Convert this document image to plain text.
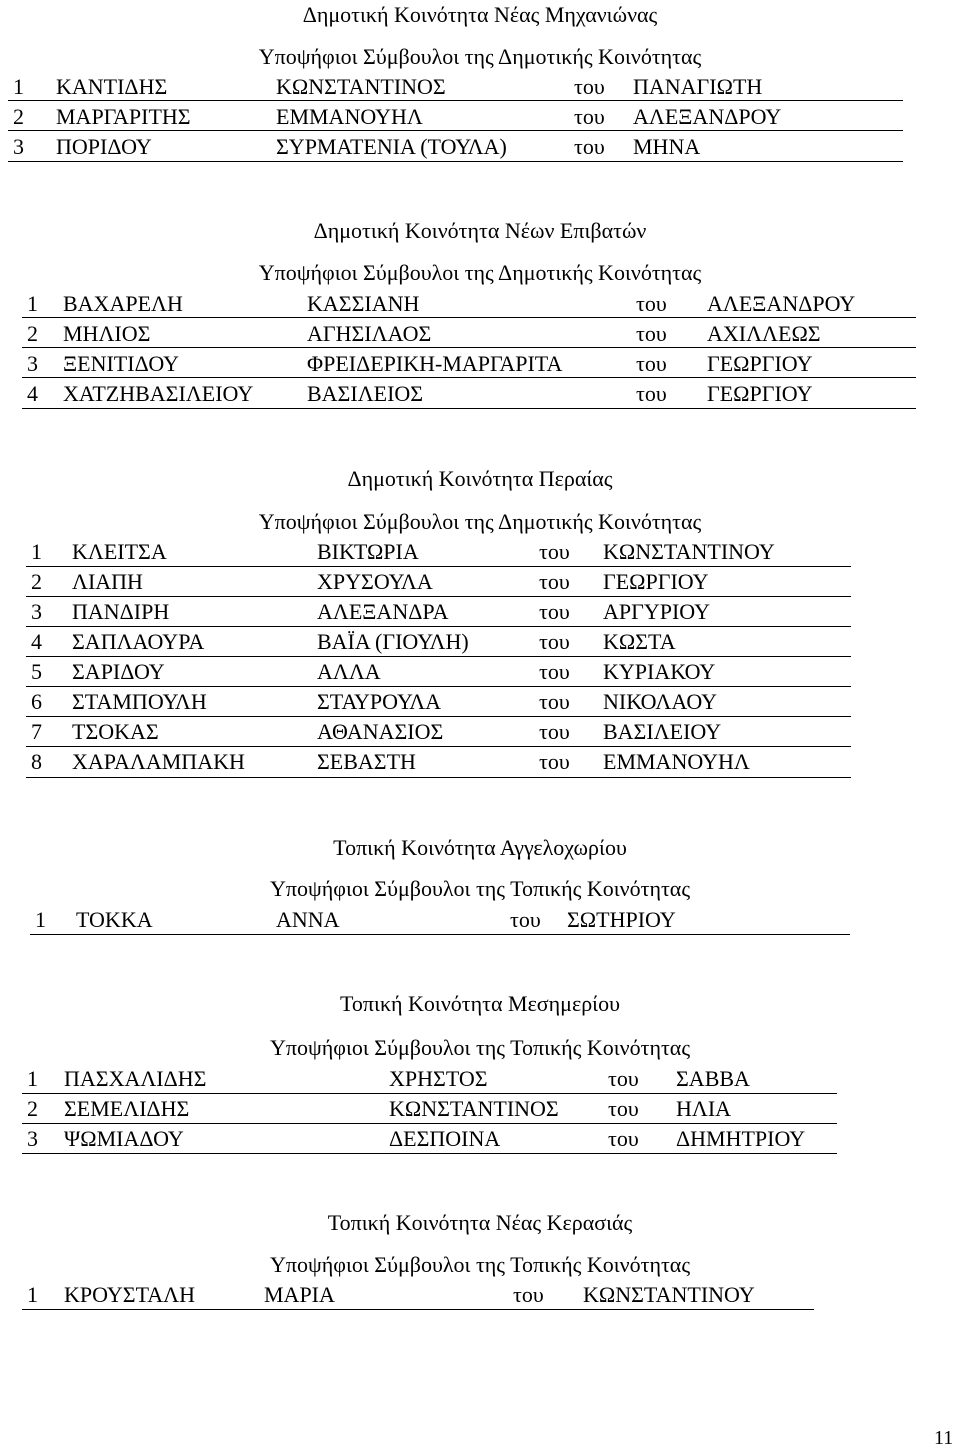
Δημοτική Κοινότητα Νέας Μηχανιώνας
Υποψήφιοι Σύμβουλοι της Δημοτικής Κοινότητας
1 ΚΑΝΤΙΔΗΣ	ΚΩΝΣΤΑΝΤΙΝΟΣ	του ΠΑΝΑΓΙΩΤΗ
2 ΜΑΡΓΑΡΙΤΗΣ	ΕΜΜΑΝΟΥΗΛ	του ΑΛΕΞΑΝΔΡΟΥ
3 ΠΟΡΙΔΟΥ	ΣΥΡΜΑΤΕΝΙΑ (ΤΟΥΛΑ)	του ΜΗΝΑ
Δημοτική Κοινότητα Νέων Επιβατών
Υποψήφιοι Σύμβουλοι της Δημοτικής Κοινότητας
1 ΒΑΧΑΡΕΛΗ	ΚΑΣΣΙΑΝΗ	του ΑΛΕΞΑΝΔΡΟΥ
2 ΜΗΛΙΟΣ	ΑΓΗΣΙΛΑΟΣ	του ΑΧΙΛΛΕΩΣ
3 ΞΕΝΙΤΙΔΟΥ	ΦΡΕΙΔΕΡΙΚΗ-ΜΑΡΓΑΡΙΤΑ	του ΓΕΩΡΓΙΟΥ
4 ΧΑΤΖΗΒΑΣΙΛΕΙΟΥ ΒΑΣΙΛΕΙΟΣ	του ΓΕΩΡΓΙΟΥ
Δημοτική Κοινότητα Περαίας
Υποψήφιοι Σύμβουλοι της Δημοτικής Κοινότητας
1 ΚΛΕΙΤΣΑ	ΒΙΚΤΩΡΙΑ	του ΚΩΝΣΤΑΝΤΙΝΟΥ
2 ΛΙΑΠΗ	ΧΡΥΣΟΥΛΑ	του ΓΕΩΡΓΙΟΥ
3 ΠΑΝΔΙΡΗ	ΑΛΕΞΑΝΔΡΑ	του ΑΡΓΥΡΙΟΥ
4 ΣΑΠΛΑΟΥΡΑ	ΒΑΪΑ (ΓΙΟΥΛΗ)	του ΚΩΣΤΑ
5 ΣΑΡΙΔΟΥ	ΑΛΛΑ	του ΚΥΡΙΑΚΟΥ
6 ΣΤΑΜΠΟΥΛΗ	ΣΤΑΥΡΟΥΛΑ	του ΝΙΚΟΛΑΟΥ
7 ΤΣΟΚΑΣ	ΑΘΑΝΑΣΙΟΣ	του ΒΑΣΙΛΕΙΟΥ
8 ΧΑΡΑΛΑΜΠΑΚΗ	ΣΕΒΑΣΤΗ	του ΕΜΜΑΝΟΥΗΛ
Τοπική Κοινότητα Αγγελοχωρίου
Υποψήφιοι Σύμβουλοι της Τοπικής Κοινότητας
1 ΤΟΚΚΑ	ΑΝΝΑ	του ΣΩΤΗΡΙΟΥ
Τοπική Κοινότητα Μεσημερίου
Υποψήφιοι Σύμβουλοι της Τοπικής Κοινότητας
1 ΠΑΣΧΑΛΙΔΗΣ	ΧΡΗΣΤΟΣ	του ΣΑΒΒΑ
2 ΣΕΜΕΛΙΔΗΣ	ΚΩΝΣΤΑΝΤΙΝΟΣ του ΗΛΙΑ
3 ΨΩΜΙΑΔΟΥ	ΔΕΣΠΟΙΝΑ	του ΔΗΜΗΤΡΙΟΥ
Τοπική Κοινότητα Νέας Κερασιάς
Υποψήφιοι Σύμβουλοι της Τοπικής Κοινότητας
1 ΚΡΟΥΣΤΑΛΗ	ΜΑΡΙΑ	του ΚΩΝΣΤΑΝΤΙΝΟΥ
11
